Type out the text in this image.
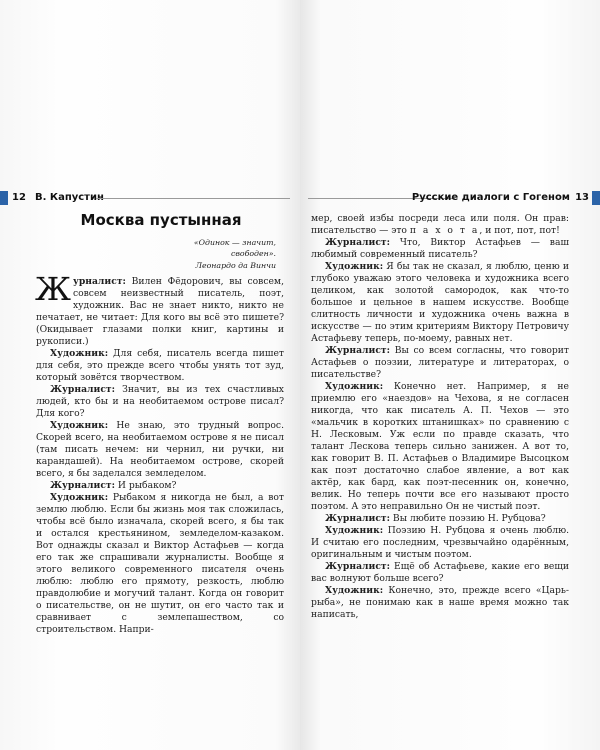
12 В. Капустин
Москва пустынная
«Одинок — значит,
свободен».
Леонардо да Винчи

Журналист: Вилен Фёдорович, вы совсем, совсем неизвестный писатель, поэт, художник. Вас не знает никто, никто не печатает, не читает: Для кого вы всё это пишете? (Окидывает глазами полки книг, картины и рукописи.)

Художник: Для себя, писатель всегда пишет для себя, это прежде всего чтобы унять тот зуд, который зовётся творчеством.

Журналист: Значит, вы из тех счастливых людей, кто бы и на необитаемом острове писал? Для кого?

Художник: Не знаю, это трудный вопрос. Скорей всего, на необитаемом острове я не писал (там писать нечем: ни чернил, ни ручки, ни карандашей). На необитаемом острове, скорей всего, я бы заделался земледелом.

Журналист: И рыбаком?

Художник: Рыбаком я никогда не был, а вот землю люблю. Если бы жизнь моя так сложилась, чтобы всё было изначала, скорей всего, я бы так и остался крестьянином, земледелом-казаком. Вот однажды сказал и Виктор Астафьев — когда его так же спрашивали журналисты. Вообще я этого великого современного писателя очень люблю: люблю его прямоту, резкость, люблю правдолюбие и могучий талант. Когда он говорит о писательстве, он не шутит, он его часто так и сравнивает с землепашеством, со строительством. Напри-

Русские диалоги с Гогеном 13

мер, своей избы посреди леса или поля. Он прав: писательство — это п а х о т а, и пот, пот, пот!

Журналист: Что, Виктор Астафьев — ваш любимый современный писатель?

Художник: Я бы так не сказал, я люблю, ценю и глубоко уважаю этого человека и художника всего целиком, как золотой самородок, как что-то большое и цельное в нашем искусстве. Вообще слитность личности и художника очень важна в искусстве — по этим критериям Виктору Петровичу Астафьеву теперь, по-моему, равных нет.

Журналист: Вы со всем согласны, что говорит Астафьев о поэзии, литературе и литераторах, о писательстве?

Художник: Конечно нет. Например, я не приемлю его «наездов» на Чехова, я не согласен никогда, что как писатель А. П. Чехов — это «мальчик в коротких штанишках» по сравнению с Н. Лесковым. Уж если по правде сказать, что талант Лескова теперь сильно занижен. А вот то, как говорит В. П. Астафьев о Владимире Высоцком как поэт достаточно слабое явление, а вот как актёр, как бард, как поэт-песенник он, конечно, велик. Но теперь почти все его называют просто поэтом. А это неправильно Он не чистый поэт.

Журналист: Вы любите поэзию Н. Рубцова?

Художник: Поэзию Н. Рубцова я очень люблю. И считаю его последним, чрезвычайно одарённым, оригинальным и чистым поэтом.

Журналист: Ещё об Астафьеве, какие его вещи вас волнуют больше всего?

Художник: Конечно, это, прежде всего «Царь-рыба», не понимаю как в наше время можно так написать,
